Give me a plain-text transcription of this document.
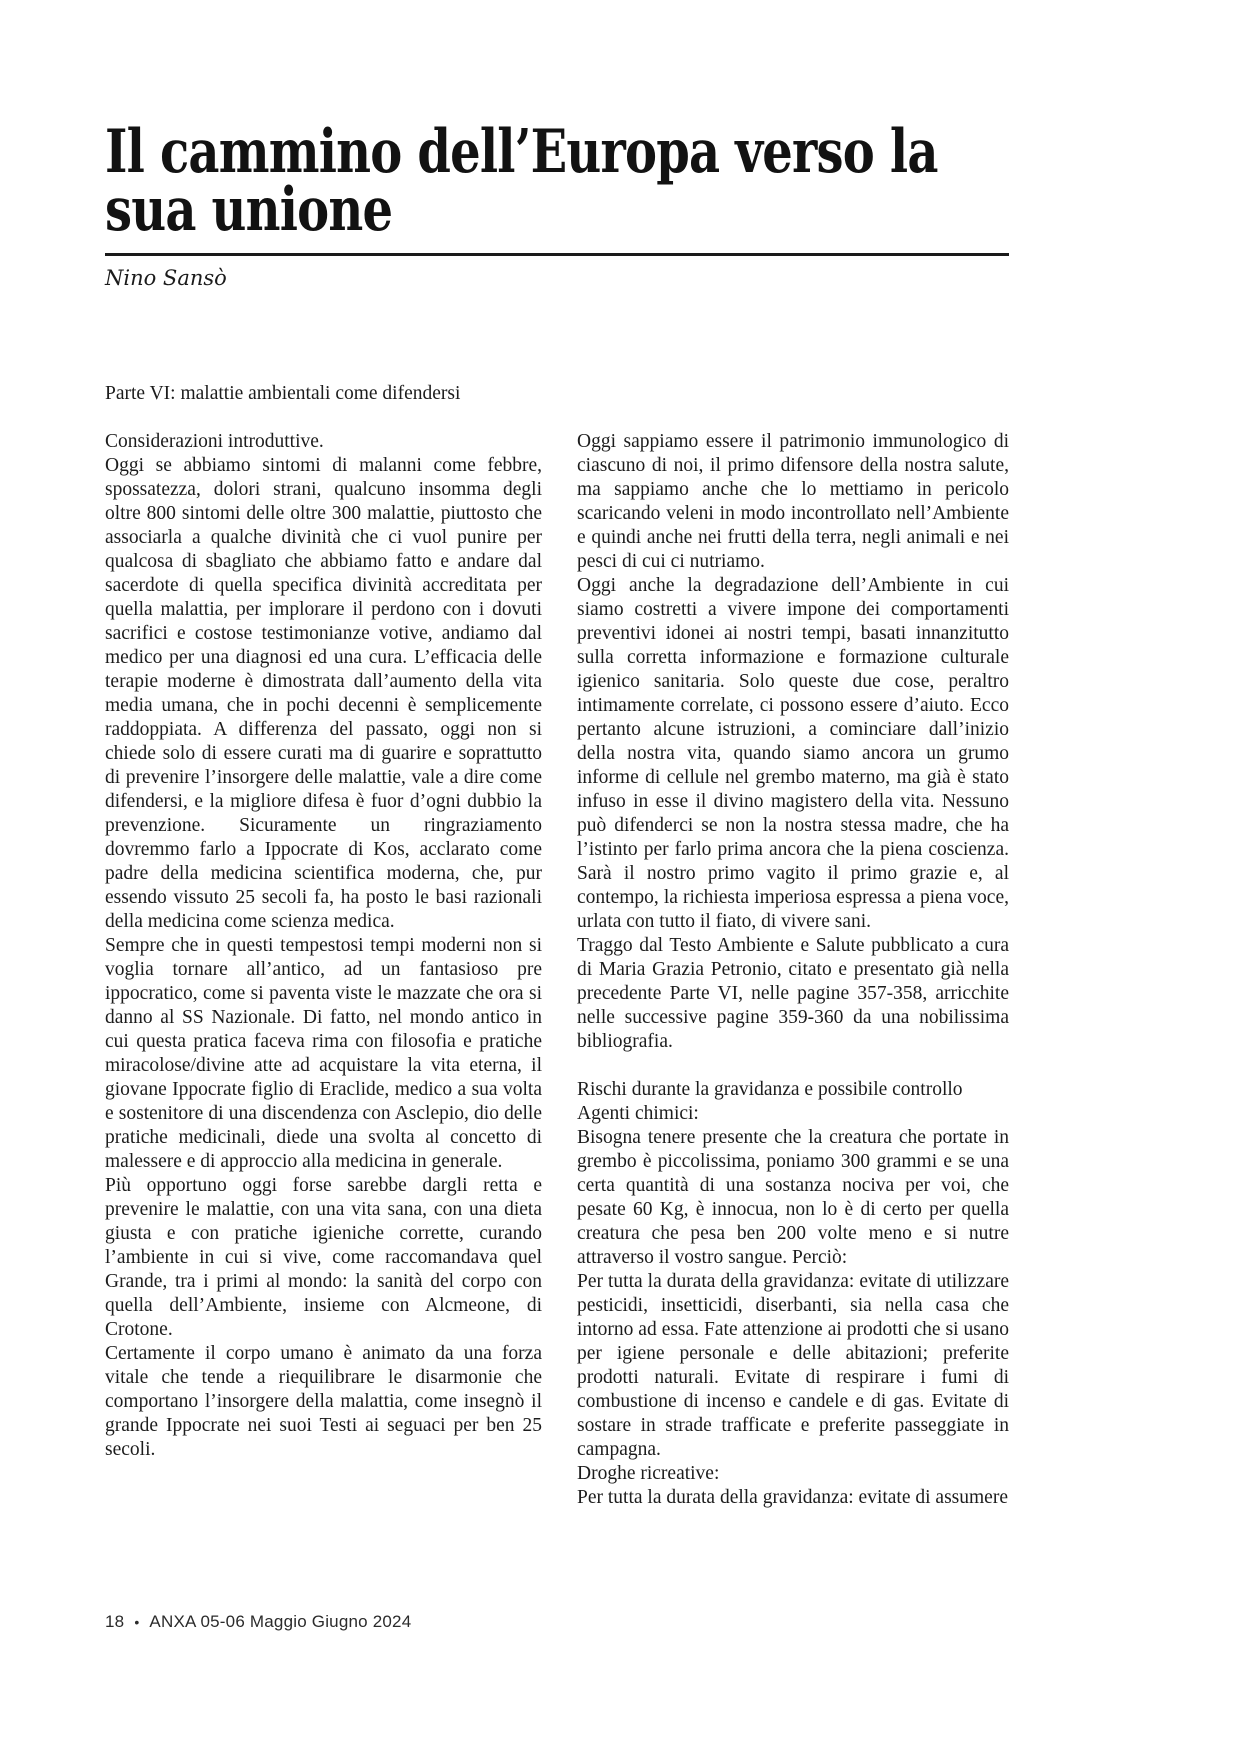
Il cammino dell’Europa verso la
sua unione
Nino Sansò

Parte VI: malattie ambientali come difendersi

Considerazioni introduttive.

Oggi se abbiamo sintomi di malanni come febbre, spossatezza, dolori strani, qualcuno insomma degli oltre 800 sintomi delle oltre 300 malattie, piuttosto che associarla a qualche divinità che ci vuol punire per qualcosa di sbagliato che abbiamo fatto e andare dal sacerdote di quella specifica divinità accreditata per quella malattia, per implorare il perdono con i dovuti sacrifici e costose testimonianze votive, andiamo dal medico per una diagnosi ed una cura. L’efficacia delle terapie moderne è dimostrata dall’aumento della vita media umana, che in pochi decenni è semplicemente raddoppiata. A differenza del passato, oggi non si chiede solo di essere curati ma di guarire e soprattutto di prevenire l’insorgere delle malattie, vale a dire come difendersi, e la migliore difesa è fuor d’ogni dubbio la prevenzione. Sicuramente un ringraziamento dovremmo farlo a Ippocrate di Kos, acclarato come padre della medicina scientifica moderna, che, pur essendo vissuto 25 secoli fa, ha posto le basi razionali della medicina come scienza medica.

Sempre che in questi tempestosi tempi moderni non si voglia tornare all’antico, ad un fantasioso pre ippocratico, come si paventa viste le mazzate che ora si danno al SS Nazionale. Di fatto, nel mondo antico in cui questa pratica faceva rima con filosofia e pratiche miracolose/divine atte ad acquistare la vita eterna, il giovane Ippocrate figlio di Eraclide, medico a sua volta e sostenitore di una discendenza con Asclepio, dio delle pratiche medicinali, diede una svolta al concetto di malessere e di approccio alla medicina in generale.

Più opportuno oggi forse sarebbe dargli retta e prevenire le malattie, con una vita sana, con una dieta giusta e con pratiche igieniche corrette, curando l’ambiente in cui si vive, come raccomandava quel Grande, tra i primi al mondo: la sanità del corpo con quella dell’Ambiente, insieme con Alcmeone, di Crotone.

Certamente il corpo umano è animato da una forza vitale che tende a riequilibrare le disarmonie che comportano l’insorgere della malattia, come insegnò il grande Ippocrate nei suoi Testi ai seguaci per ben 25 secoli.

Oggi sappiamo essere il patrimonio immunologico di ciascuno di noi, il primo difensore della nostra salute, ma sappiamo anche che lo mettiamo in pericolo scaricando veleni in modo incontrollato nell’Ambiente e quindi anche nei frutti della terra, negli animali e nei pesci di cui ci nutriamo.

Oggi anche la degradazione dell’Ambiente in cui siamo costretti a vivere impone dei comportamenti preventivi idonei ai nostri tempi, basati innanzitutto sulla corretta informazione e formazione culturale igienico sanitaria. Solo queste due cose, peraltro intimamente correlate, ci possono essere d’aiuto. Ecco pertanto alcune istruzioni, a cominciare dall’inizio della nostra vita, quando siamo ancora un grumo informe di cellule nel grembo materno, ma già è stato infuso in esse il divino magistero della vita. Nessuno può difenderci se non la nostra stessa madre, che ha l’istinto per farlo prima ancora che la piena coscienza. Sarà il nostro primo vagito il primo grazie e, al contempo, la richiesta imperiosa espressa a piena voce, urlata con tutto il fiato, di vivere sani.

Traggo dal Testo Ambiente e Salute pubblicato a cura di Maria Grazia Petronio, citato e presentato già nella precedente Parte VI, nelle pagine 357-358, arricchite nelle successive pagine 359-360 da una nobilissima bibliografia.

Rischi durante la gravidanza e possibile controllo

Agenti chimici:

Bisogna tenere presente che la creatura che portate in grembo è piccolissima, poniamo 300 grammi e se una certa quantità di una sostanza nociva per voi, che pesate 60 Kg, è innocua, non lo è di certo per quella creatura che pesa ben 200 volte meno e si nutre attraverso il vostro sangue. Perciò:

Per tutta la durata della gravidanza: evitate di utilizzare pesticidi, insetticidi, diserbanti, sia nella casa che intorno ad essa. Fate attenzione ai prodotti che si usano per igiene personale e delle abitazioni; preferite prodotti naturali. Evitate di respirare i fumi di combustione di incenso e candele e di gas. Evitate di sostare in strade trafficate e preferite passeggiate in campagna.

Droghe ricreative:

Per tutta la durata della gravidanza: evitate di assumere

18 • ANXA 05-06 Maggio Giugno 2024
